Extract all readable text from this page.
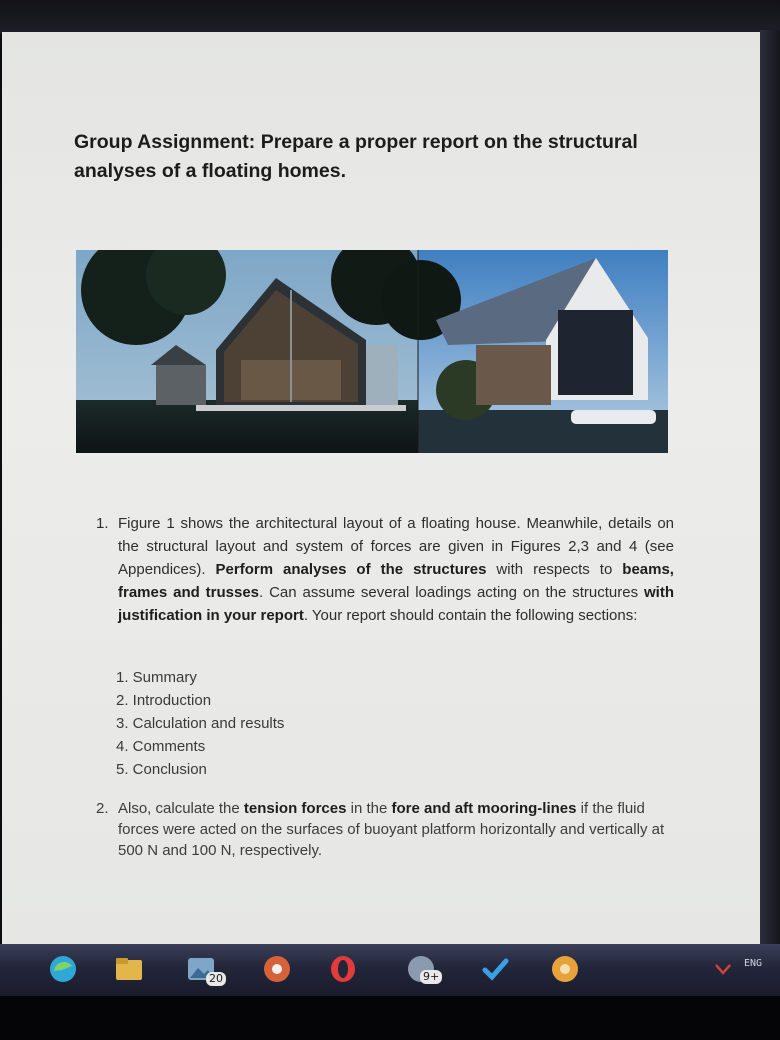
Group Assignment: Prepare a proper report on the structural analyses of a floating homes.
1. Figure 1 shows the architectural layout of a floating house. Meanwhile, details on the structural layout and system of forces are given in Figures 2,3 and 4 (see Appendices). Perform analyses of the structures with respects to beams, frames and trusses. Can assume several loadings acting on the structures with justification in your report. Your report should contain the following sections:
1. Summary
2. Introduction
3. Calculation and results
4. Comments
5. Conclusion
2. Also, calculate the tension forces in the fore and aft mooring-lines if the fluid forces were acted on the surfaces of buoyant platform horizontally and vertically at 500 N and 100 N, respectively.
20	9+
ENG
